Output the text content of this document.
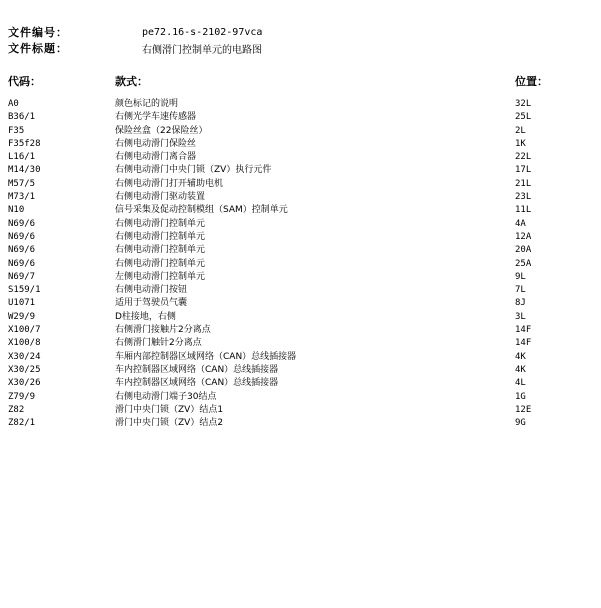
文件编号：	pe72.16-s-2102-97vca
文件标题：	右侧滑门控制单元的电路图
代码：	款式：	位置：
A0	颜色标记的说明	32L
B36/1	右侧光学车速传感器	25L
F35	保险丝盒（22保险丝）	2L
F35f28	右侧电动滑门保险丝	1K
L16/1	右侧电动滑门离合器	22L
M14/30	右侧电动滑门中央门锁（ZV）执行元件	17L
M57/5	右侧电动滑门打开辅助电机	21L
M73/1	右侧电动滑门驱动装置	23L
N10	信号采集及促动控制模组（SAM）控制单元	11L
N69/6	右侧电动滑门控制单元	4A
N69/6	右侧电动滑门控制单元	12A
N69/6	右侧电动滑门控制单元	20A
N69/6	右侧电动滑门控制单元	25A
N69/7	左侧电动滑门控制单元	9L
S159/1	右侧电动滑门按钮	7L
U1071	适用于驾驶员气囊	8J
W29/9	D柱接地，右侧	3L
X100/7	右侧滑门接触片2分离点	14F
X100/8	右侧滑门触针2分离点	14F
X30/24	车厢内部控制器区域网络（CAN）总线插接器	4K
X30/25	车内控制器区域网络（CAN）总线插接器	4K
X30/26	车内控制器区域网络（CAN）总线插接器	4L
Z79/9	右侧电动滑门端子30结点	1G
Z82	滑门中央门锁（ZV）结点1	12E
Z82/1	滑门中央门锁（ZV）结点2	9G
